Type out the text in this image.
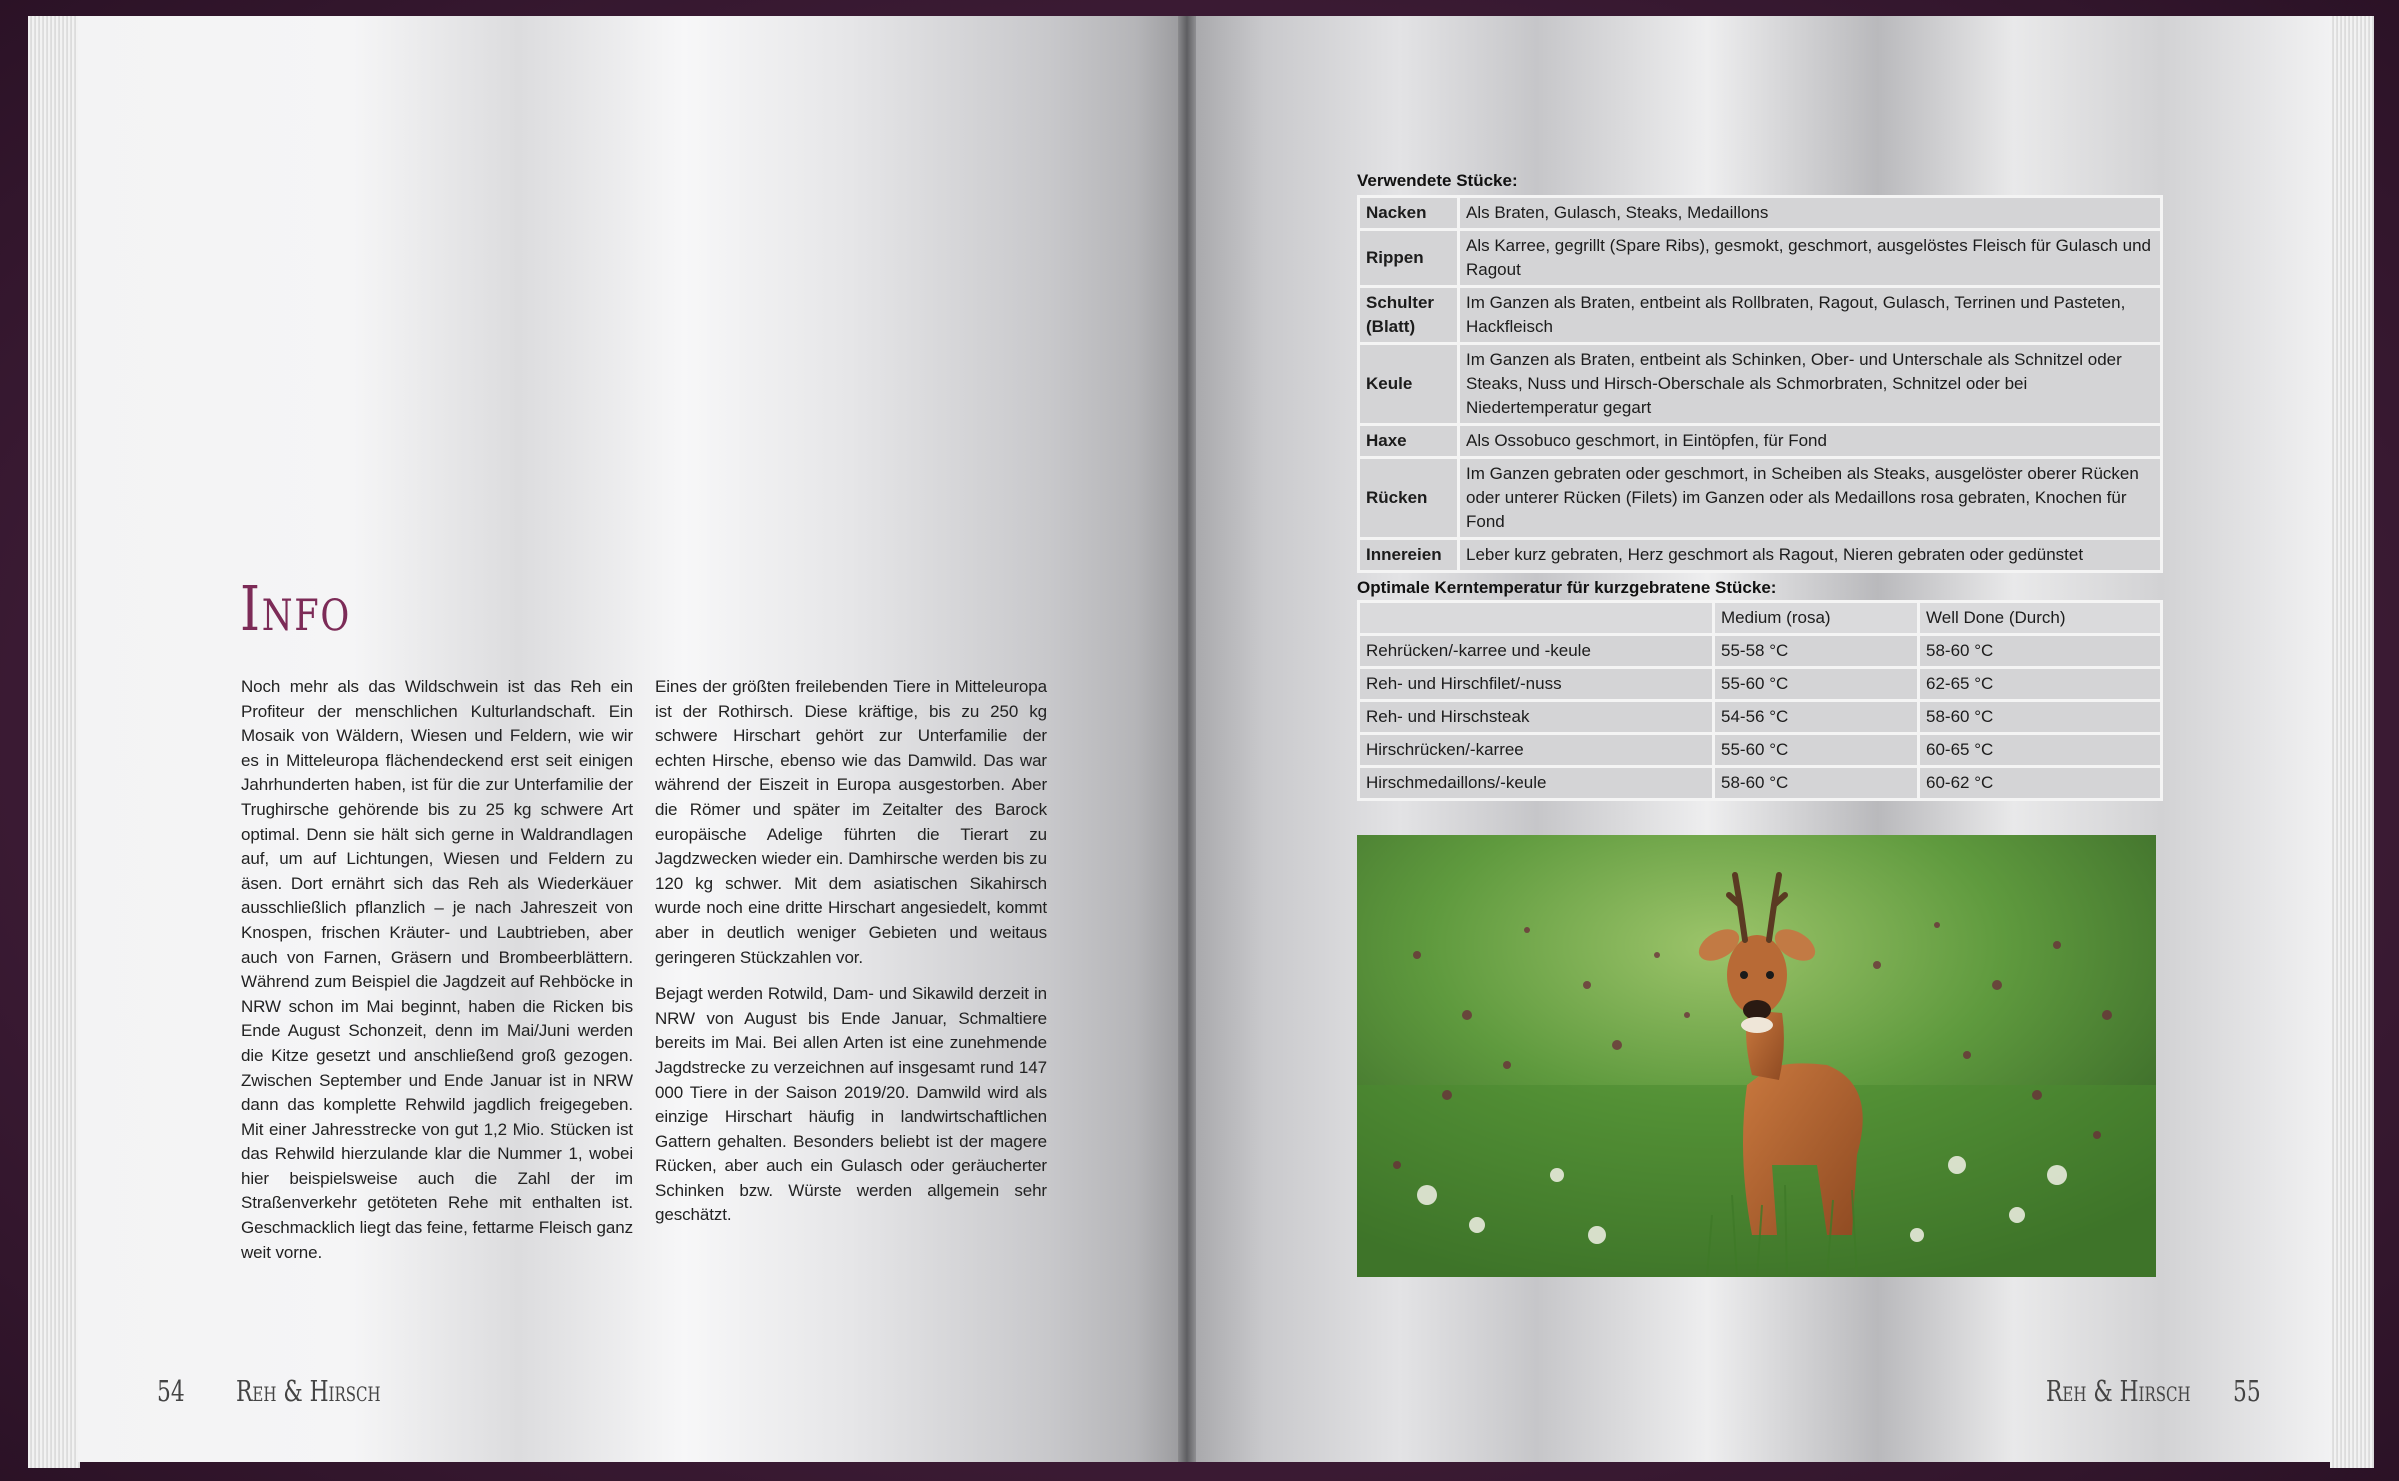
Info

Noch mehr als das Wildschwein ist das Reh ein Profiteur der menschlichen Kulturlandschaft. Ein Mosaik von Wäldern, Wiesen und Feldern, wie wir es in Mitteleuropa flächendeckend erst seit einigen Jahrhunderten haben, ist für die zur Unterfamilie der Trughirsche gehörende bis zu 25 kg schwere Art optimal. Denn sie hält sich gerne in Waldrandlagen auf, um auf Lichtungen, Wiesen und Feldern zu äsen. Dort ernährt sich das Reh als Wiederkäuer ausschließlich pflanzlich – je nach Jahreszeit von Knospen, frischen Kräuter- und Laubtrieben, aber auch von Farnen, Gräsern und Brombeerblättern. Während zum Beispiel die Jagdzeit auf Rehböcke in NRW schon im Mai beginnt, haben die Ricken bis Ende August Schonzeit, denn im Mai/Juni werden die Kitze gesetzt und anschließend groß gezogen. Zwischen September und Ende Januar ist in NRW dann das komplette Rehwild jagdlich freigegeben. Mit einer Jahresstrecke von gut 1,2 Mio. Stücken ist das Rehwild hierzulande klar die Nummer 1, wobei hier beispielsweise auch die Zahl der im Straßenverkehr getöteten Rehe mit enthalten ist. Geschmacklich liegt das feine, fettarme Fleisch ganz weit vorne.

Eines der größten freilebenden Tiere in Mitteleuropa ist der Rothirsch. Diese kräftige, bis zu 250 kg schwere Hirschart gehört zur Unterfamilie der echten Hirsche, ebenso wie das Damwild. Das war während der Eiszeit in Europa ausgestorben. Aber die Römer und später im Zeitalter des Barock europäische Adelige führten die Tierart zu Jagdzwecken wieder ein. Damhirsche werden bis zu 120 kg schwer. Mit dem asiatischen Sikahirsch wurde noch eine dritte Hirschart angesiedelt, kommt aber in deutlich weniger Gebieten und weitaus geringeren Stückzahlen vor.

Bejagt werden Rotwild, Dam- und Sikawild derzeit in NRW von August bis Ende Januar, Schmaltiere bereits im Mai. Bei allen Arten ist eine zunehmende Jagdstrecke zu verzeichnen auf insgesamt rund 147 000 Tiere in der Saison 2019/20. Damwild wird als einzige Hirschart häufig in landwirtschaftlichen Gattern gehalten. Besonders beliebt ist der magere Rücken, aber auch ein Gulasch oder geräucherter Schinken bzw. Würste werden allgemein sehr geschätzt.

54 Reh & Hirsch
Verwendete Stücke:
Nacken	Als Braten, Gulasch, Steaks, Medaillons
Rippen	Als Karree, gegrillt (Spare Ribs), gesmokt, geschmort, ausgelöstes Fleisch für Gulasch und Ragout
Schulter (Blatt)	Im Ganzen als Braten, entbeint als Rollbraten, Ragout, Gulasch, Terrinen und Pasteten, Hackfleisch
Keule	Im Ganzen als Braten, entbeint als Schinken, Ober- und Unterschale als Schnitzel oder Steaks, Nuss und Hirsch-Oberschale als Schmorbraten, Schnitzel oder bei Niedertemperatur gegart
Haxe	Als Ossobuco geschmort, in Eintöpfen, für Fond
Rücken	Im Ganzen gebraten oder geschmort, in Scheiben als Steaks, ausgelöster oberer Rücken oder unterer Rücken (Filets) im Ganzen oder als Medaillons rosa gebraten, Knochen für Fond
Innereien	Leber kurz gebraten, Herz geschmort als Ragout, Nieren gebraten oder gedünstet
Optimale Kerntemperatur für kurzgebratene Stücke:
	Medium (rosa)	Well Done (Durch)
Rehrücken/-karree und -keule	55-58 °C	58-60 °C
Reh- und Hirschfilet/-nuss	55-60 °C	62-65 °C
Reh- und Hirschsteak	54-56 °C	58-60 °C
Hirschrücken/-karree	55-60 °C	60-65 °C
Hirschmedaillons/-keule	58-60 °C	60-62 °C
Reh & Hirsch 55
